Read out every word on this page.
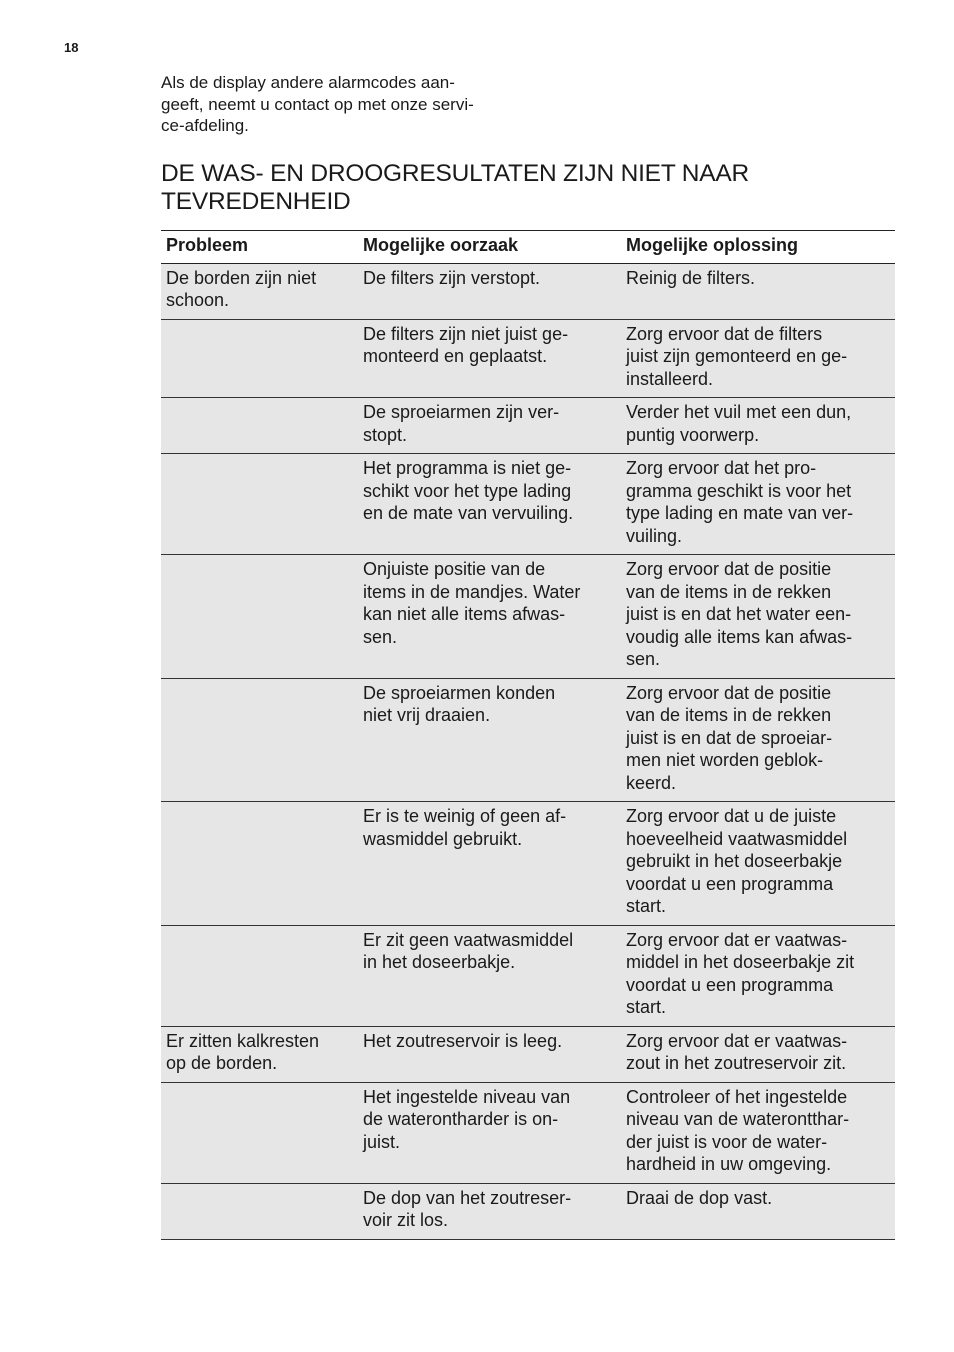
18
Als de display andere alarmcodes aan-
geeft, neemt u contact op met onze servi-
ce-afdeling.
DE WAS- EN DROOGRESULTATEN ZIJN NIET NAAR
TEVREDENHEID
Probleem	Mogelijke oorzaak	Mogelijke oplossing

De borden zijn niet
schoon.	De filters zijn verstopt.	Reinig de filters.

	De filters zijn niet juist ge-
monteerd en geplaatst.	Zorg ervoor dat de filters
juist zijn gemonteerd en ge-
installeerd.

	De sproeiarmen zijn ver-
stopt.	Verder het vuil met een dun,
puntig voorwerp.

	Het programma is niet ge-
schikt voor het type lading
en de mate van vervuiling.	Zorg ervoor dat het pro-
gramma geschikt is voor het
type lading en mate van ver-
vuiling.

	Onjuiste positie van de
items in de mandjes. Water
kan niet alle items afwas-
sen.	Zorg ervoor dat de positie
van de items in de rekken
juist is en dat het water een-
voudig alle items kan afwas-
sen.

	De sproeiarmen konden
niet vrij draaien.	Zorg ervoor dat de positie
van de items in de rekken
juist is en dat de sproeiar-
men niet worden geblok-
keerd.

	Er is te weinig of geen af-
wasmiddel gebruikt.	Zorg ervoor dat u de juiste
hoeveelheid vaatwasmiddel
gebruikt in het doseerbakje
voordat u een programma
start.

	Er zit geen vaatwasmiddel
in het doseerbakje.	Zorg ervoor dat er vaatwas-
middel in het doseerbakje zit
voordat u een programma
start.

Er zitten kalkresten
op de borden.	Het zoutreservoir is leeg.	Zorg ervoor dat er vaatwas-
zout in het zoutreservoir zit.

	Het ingestelde niveau van
de waterontharder is on-
juist.	Controleer of het ingestelde
niveau van de waterontthar-
der juist is voor de water-
hardheid in uw omgeving.

	De dop van het zoutreser-
voir zit los.	Draai de dop vast.
